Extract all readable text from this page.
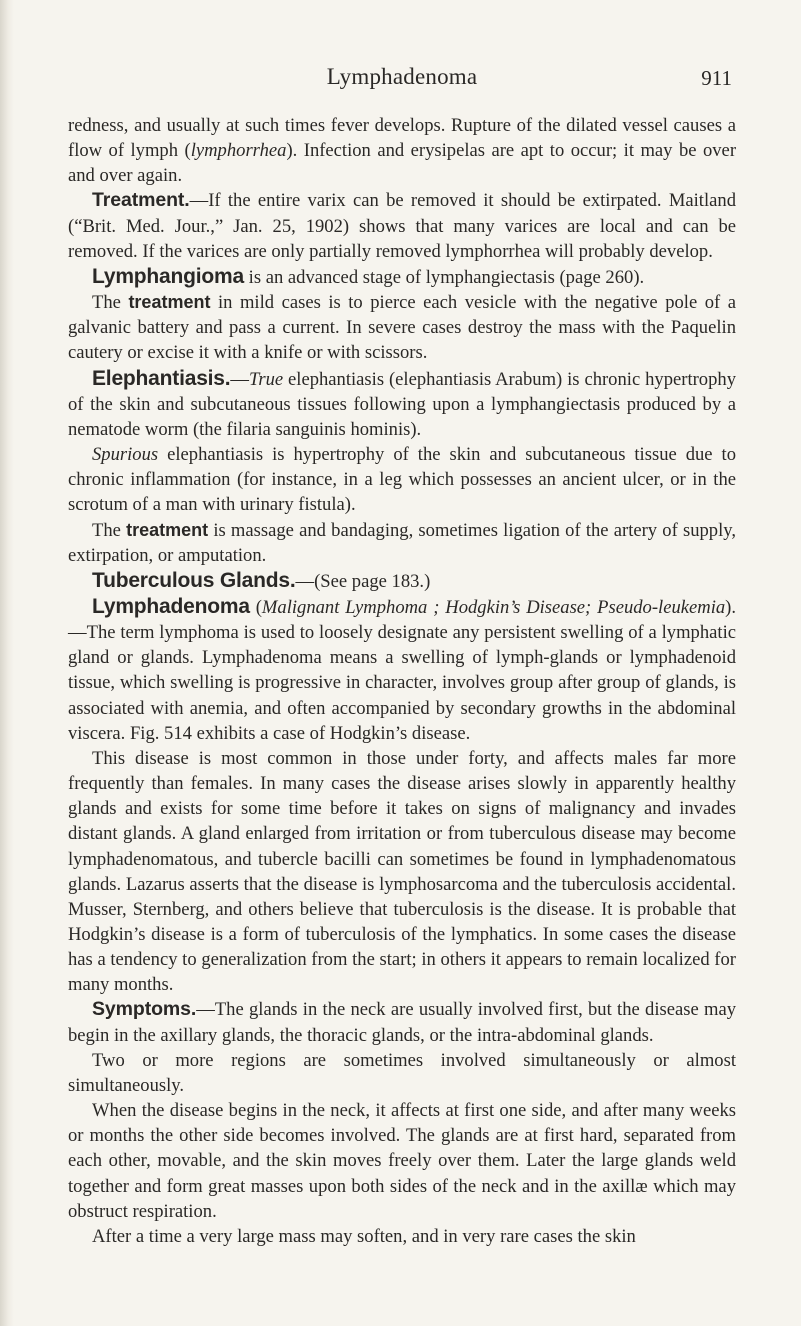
Lymphadenoma	911

redness, and usually at such times fever develops. Rupture of the dilated vessel causes a flow of lymph (lymphorrhea). Infection and erysipelas are apt to occur; it may be over and over again.

Treatment.—If the entire varix can be removed it should be extirpated. Maitland (“Brit. Med. Jour.,” Jan. 25, 1902) shows that many varices are local and can be removed. If the varices are only partially removed lymphorrhea will probably develop.

Lymphangioma is an advanced stage of lymphangiectasis (page 260).

The treatment in mild cases is to pierce each vesicle with the negative pole of a galvanic battery and pass a current. In severe cases destroy the mass with the Paquelin cautery or excise it with a knife or with scissors.

Elephantiasis.—True elephantiasis (elephantiasis Arabum) is chronic hypertrophy of the skin and subcutaneous tissues following upon a lymphangiectasis produced by a nematode worm (the filaria sanguinis hominis).

Spurious elephantiasis is hypertrophy of the skin and subcutaneous tissue due to chronic inflammation (for instance, in a leg which possesses an ancient ulcer, or in the scrotum of a man with urinary fistula).

The treatment is massage and bandaging, sometimes ligation of the artery of supply, extirpation, or amputation.

Tuberculous Glands.—(See page 183.)

Lymphadenoma (Malignant Lymphoma ; Hodgkin’s Disease; Pseudo-leukemia).—The term lymphoma is used to loosely designate any persistent swelling of a lymphatic gland or glands. Lymphadenoma means a swelling of lymph-glands or lymphadenoid tissue, which swelling is progressive in character, involves group after group of glands, is associated with anemia, and often accompanied by secondary growths in the abdominal viscera. Fig. 514 exhibits a case of Hodgkin’s disease.

This disease is most common in those under forty, and affects males far more frequently than females. In many cases the disease arises slowly in apparently healthy glands and exists for some time before it takes on signs of malignancy and invades distant glands. A gland enlarged from irritation or from tuberculous disease may become lymphadenomatous, and tubercle bacilli can sometimes be found in lymphadenomatous glands. Lazarus asserts that the disease is lymphosarcoma and the tuberculosis accidental. Musser, Sternberg, and others believe that tuberculosis is the disease. It is probable that Hodgkin’s disease is a form of tuberculosis of the lymphatics. In some cases the disease has a tendency to generalization from the start; in others it appears to remain localized for many months.

Symptoms.—The glands in the neck are usually involved first, but the disease may begin in the axillary glands, the thoracic glands, or the intra-abdominal glands.

Two or more regions are sometimes involved simultaneously or almost simultaneously.

When the disease begins in the neck, it affects at first one side, and after many weeks or months the other side becomes involved. The glands are at first hard, separated from each other, movable, and the skin moves freely over them. Later the large glands weld together and form great masses upon both sides of the neck and in the axillæ which may obstruct respiration.

After a time a very large mass may soften, and in very rare cases the skin
